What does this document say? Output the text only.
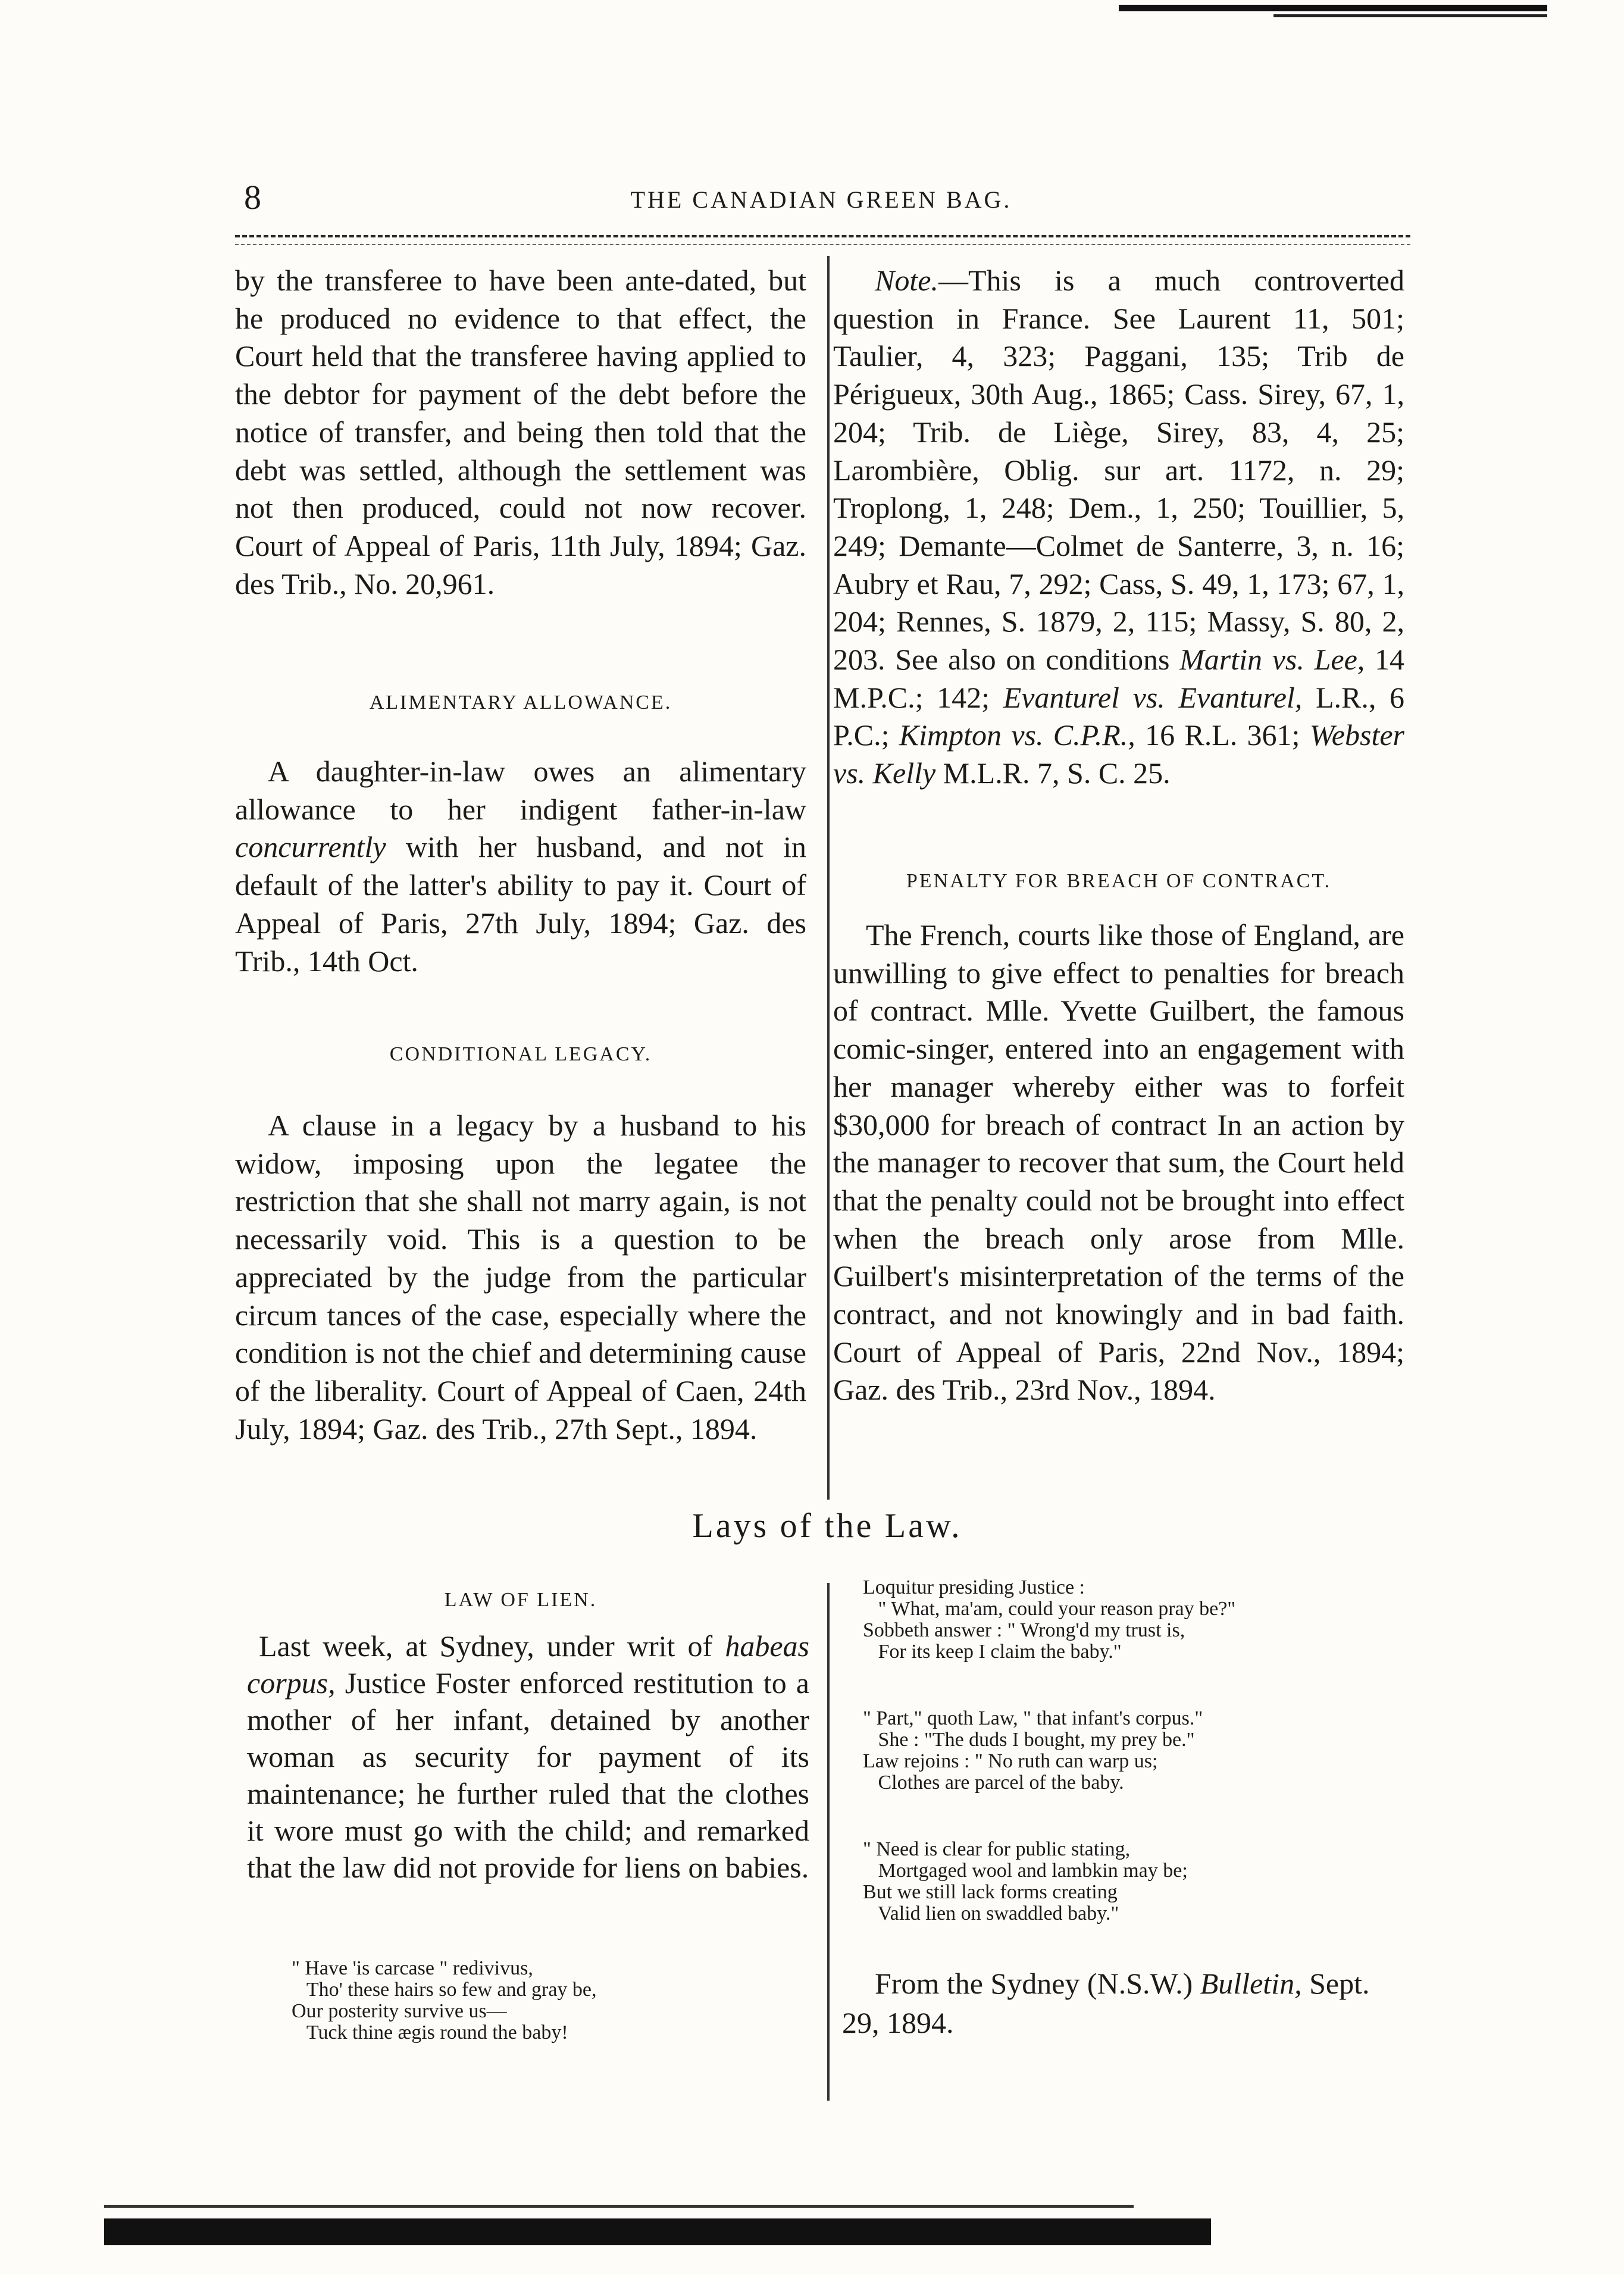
8	THE CANADIAN GREEN BAG.

by the transferee to have been ante-dated, but he produced no evidence to that effect, the Court held that the transferee having applied to the debtor for payment of the debt before the notice of transfer, and being then told that the debt was settled, although the settlement was not then produced, could not now recover. Court of Appeal of Paris, 11th July, 1894; Gaz. des Trib., No. 20,961.

ALIMENTARY ALLOWANCE.

A daughter-in-law owes an alimentary allowance to her indigent father-in-law concurrently with her husband, and not in default of the latter's ability to pay it. Court of Appeal of Paris, 27th July, 1894; Gaz. des Trib., 14th Oct.

CONDITIONAL LEGACY.

A clause in a legacy by a husband to his widow, imposing upon the legatee the restriction that she shall not marry again, is not necessarily void. This is a question to be appreciated by the judge from the particular circum tances of the case, especially where the condition is not the chief and determining cause of the liberality. Court of Appeal of Caen, 24th July, 1894; Gaz. des Trib., 27th Sept., 1894.

Note.—This is a much controverted question in France. See Laurent 11, 501; Taulier, 4, 323; Paggani, 135; Trib de Périgueux, 30th Aug., 1865; Cass. Sirey, 67, 1, 204; Trib. de Liège, Sirey, 83, 4, 25; Larombière, Oblig. sur art. 1172, n. 29; Troplong, 1, 248; Dem., 1, 250; Touillier, 5, 249; Demante—Colmet de Santerre, 3, n. 16; Aubry et Rau, 7, 292; Cass, S. 49, 1, 173; 67, 1, 204; Rennes, S. 1879, 2, 115; Massy, S. 80, 2, 203. See also on conditions Martin vs. Lee, 14 M.P.C.; 142; Evanturel vs. Evanturel, L.R., 6 P.C.; Kimpton vs. C.P.R., 16 R.L. 361; Webster vs. Kelly M.L.R. 7, S. C. 25.

PENALTY FOR BREACH OF CONTRACT.

The French, courts like those of England, are unwilling to give effect to penalties for breach of contract. Mlle. Yvette Guilbert, the famous comic-singer, entered into an engagement with her manager whereby either was to forfeit $30,000 for breach of contract In an action by the manager to recover that sum, the Court held that the penalty could not be brought into effect when the breach only arose from Mlle. Guilbert's misinterpretation of the terms of the contract, and not knowingly and in bad faith. Court of Appeal of Paris, 22nd Nov., 1894; Gaz. des Trib., 23rd Nov., 1894.

Lays of the Law.
LAW OF LIEN.

Last week, at Sydney, under writ of habeas corpus, Justice Foster enforced restitution to a mother of her infant, detained by another woman as security for payment of its maintenance; he further ruled that the clothes it wore must go with the child; and remarked that the law did not provide for liens on babies.

" Have 'is carcase " redivivus,

Tho' these hairs so few and gray be,

Our posterity survive us—

Tuck thine ægis round the baby!

Loquitur presiding Justice :

" What, ma'am, could your reason pray be?"

Sobbeth answer : " Wrong'd my trust is,

For its keep I claim the baby."

" Part," quoth Law, " that infant's corpus."

She : "The duds I bought, my prey be."

Law rejoins : " No ruth can warp us;

Clothes are parcel of the baby.

" Need is clear for public stating,

Mortgaged wool and lambkin may be;

But we still lack forms creating

Valid lien on swaddled baby."

From the Sydney (N.S.W.) Bulletin, Sept. 29, 1894.
